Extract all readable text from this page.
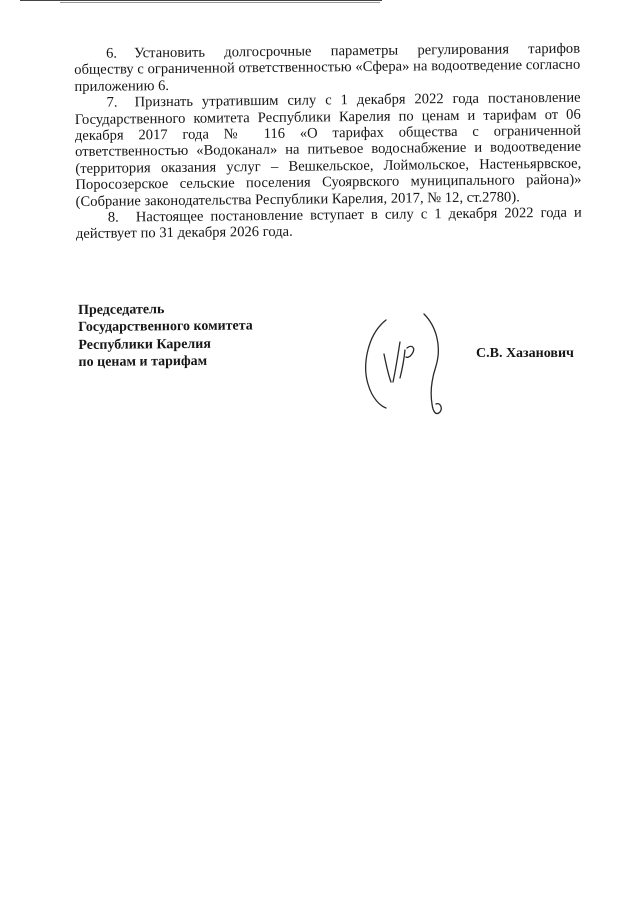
6. Установить долгосрочные параметры регулирования тарифов обществу с ограниченной ответственностью «Сфера» на водоотведение согласно приложению 6.

7. Признать утратившим силу с 1 декабря 2022 года постановление Государственного комитета Республики Карелия по ценам и тарифам от 06 декабря 2017 года № 116 «О тарифах общества с ограниченной ответственностью «Водоканал» на питьевое водоснабжение и водоотведение (территория оказания услуг – Вешкельское, Лоймольское, Настеньярвское, Поросозерское сельские поселения Суоярвского муниципального района)» (Собрание законодательства Республики Карелия, 2017, № 12, ст.2780).

8. Настоящее постановление вступает в силу с 1 декабря 2022 года и действует по 31 декабря 2026 года.

Председатель
Государственного комитета
Республики Карелия
по ценам и тарифам
С.В. Хазанович
